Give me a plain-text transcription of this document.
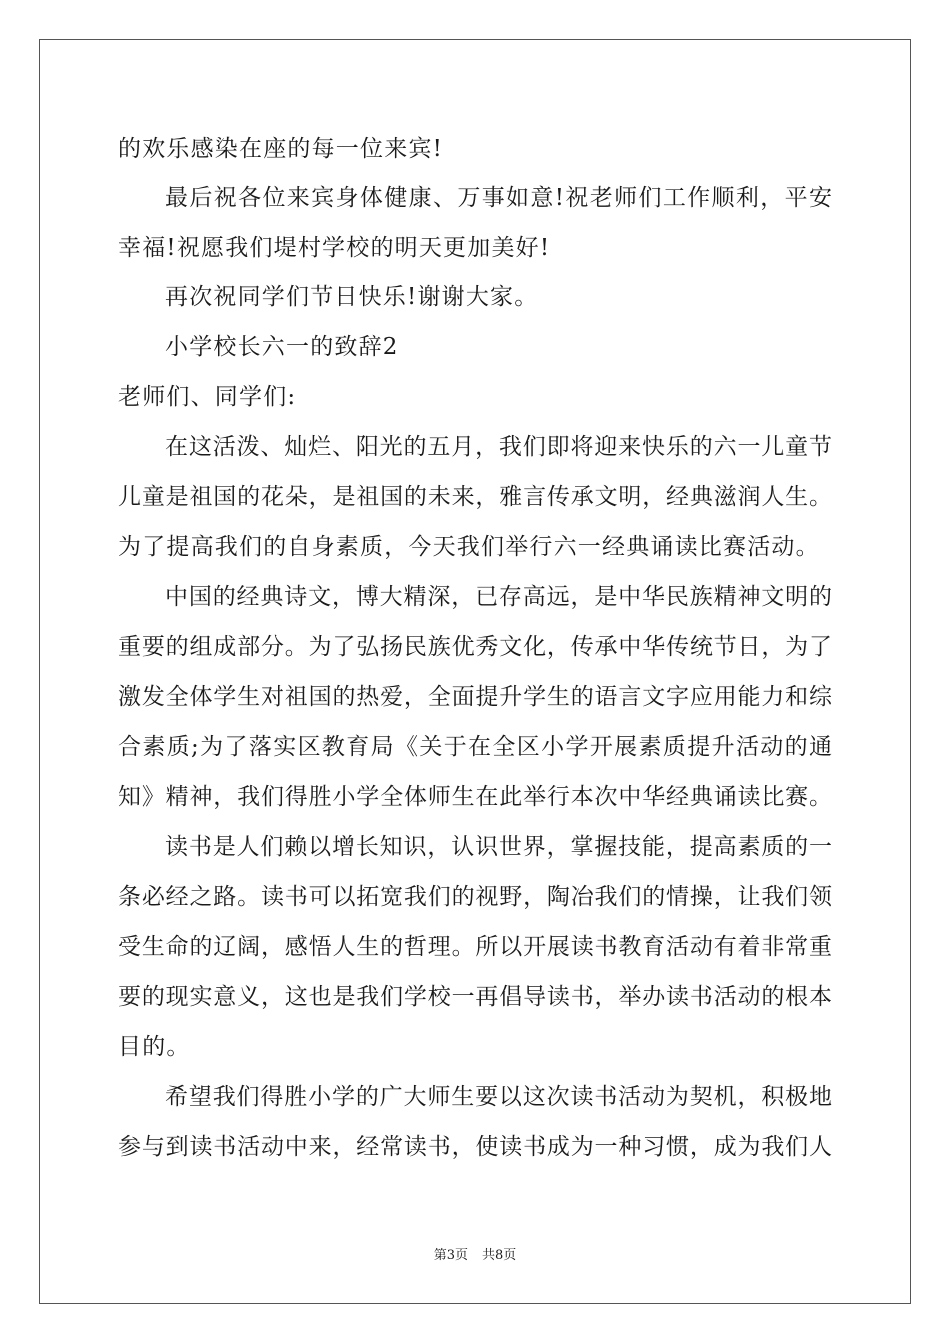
的欢乐感染在座的每一位来宾!
最后祝各位来宾身体健康、万事如意!祝老师们工作顺利，平安
幸福!祝愿我们堤村学校的明天更加美好!
再次祝同学们节日快乐!谢谢大家。
小学校长六一的致辞2
老师们、同学们:
在这活泼、灿烂、阳光的五月，我们即将迎来快乐的六一儿童节
儿童是祖国的花朵，是祖国的未来，雅言传承文明，经典滋润人生。
为了提高我们的自身素质，今天我们举行六一经典诵读比赛活动。
中国的经典诗文，博大精深，已存高远，是中华民族精神文明的
重要的组成部分。为了弘扬民族优秀文化，传承中华传统节日，为了
激发全体学生对祖国的热爱，全面提升学生的语言文字应用能力和综
合素质;为了落实区教育局《关于在全区小学开展素质提升活动的通
知》精神，我们得胜小学全体师生在此举行本次中华经典诵读比赛。
读书是人们赖以增长知识，认识世界，掌握技能，提高素质的一
条必经之路。读书可以拓宽我们的视野，陶冶我们的情操，让我们领
受生命的辽阔，感悟人生的哲理。所以开展读书教育活动有着非常重
要的现实意义，这也是我们学校一再倡导读书，举办读书活动的根本
目的。
希望我们得胜小学的广大师生要以这次读书活动为契机，积极地
参与到读书活动中来，经常读书，使读书成为一种习惯，成为我们人
第3页 共8页
